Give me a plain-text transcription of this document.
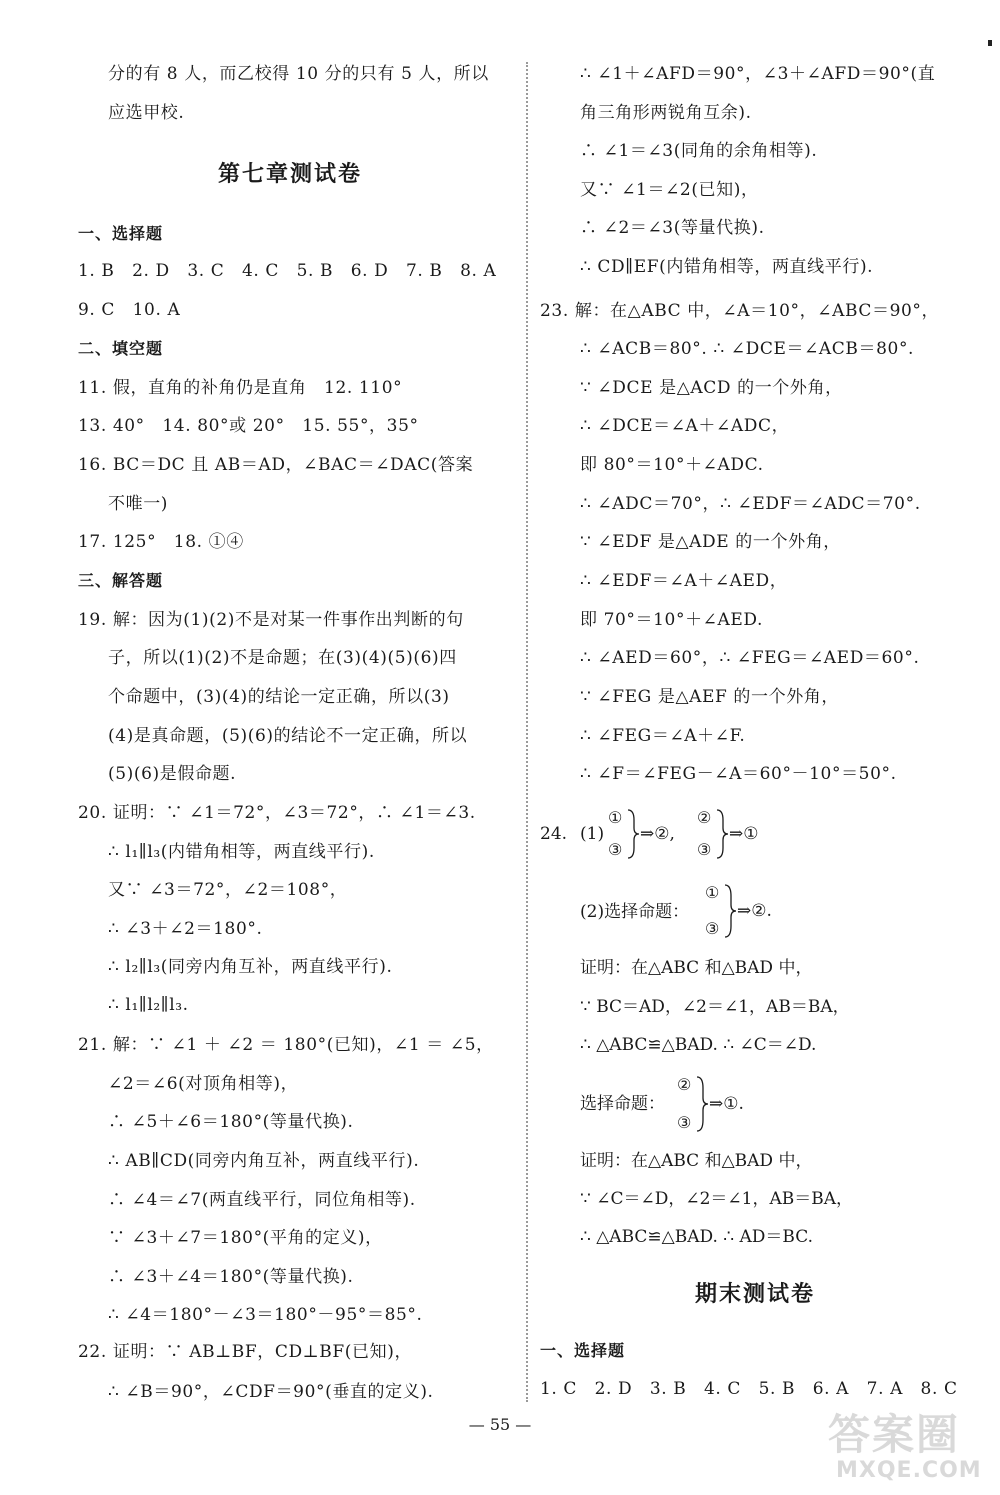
分的有 8 人，而乙校得 10 分的只有 5 人，所以
应选甲校.
第七章测试卷
一、选择题
1. B　2. D　3. C　4. C　5. B　6. D　7. B　8. A
9. C　10. A
二、填空题
11. 假，直角的补角仍是直角　12. 110°
13. 40°　14. 80°或 20°　15. 55°，35°
16. BC＝DC 且 AB＝AD，∠BAC＝∠DAC(答案
不唯一)
17. 125°　18. ①④
三、解答题
19. 解：因为(1)(2)不是对某一件事作出判断的句
子，所以(1)(2)不是命题；在(3)(4)(5)(6)四
个命题中，(3)(4)的结论一定正确，所以(3)
(4)是真命题，(5)(6)的结论不一定正确，所以
(5)(6)是假命题.
20. 证明：∵ ∠1＝72°，∠3＝72°，∴ ∠1＝∠3.
∴ l₁∥l₃(内错角相等，两直线平行).
又∵ ∠3＝72°，∠2＝108°，
∴ ∠3＋∠2＝180°.
∴ l₂∥l₃(同旁内角互补，两直线平行).
∴ l₁∥l₂∥l₃.
21. 解：∵ ∠1 ＋ ∠2 ＝ 180°(已知)，∠1 ＝ ∠5，
∠2＝∠6(对顶角相等)，
∴ ∠5＋∠6＝180°(等量代换).
∴ AB∥CD(同旁内角互补，两直线平行).
∴ ∠4＝∠7(两直线平行，同位角相等).
∵ ∠3＋∠7＝180°(平角的定义)，
∴ ∠3＋∠4＝180°(等量代换).
∴ ∠4＝180°－∠3＝180°－95°＝85°.
22. 证明：∵ AB⊥BF，CD⊥BF(已知)，
∴ ∠B＝90°，∠CDF＝90°(垂直的定义).
∴ ∠1＋∠AFD＝90°，∠3＋∠AFD＝90°(直
角三角形两锐角互余).
∴ ∠1＝∠3(同角的余角相等).
又∵ ∠1＝∠2(已知)，
∴ ∠2＝∠3(等量代换).
∴ CD∥EF(内错角相等，两直线平行).
23. 解：在△ABC 中，∠A＝10°，∠ABC＝90°，
∴ ∠ACB＝80°. ∴ ∠DCE＝∠ACB＝80°.
∵ ∠DCE 是△ACD 的一个外角，
∴ ∠DCE＝∠A＋∠ADC，
即 80°＝10°＋∠ADC.
∴ ∠ADC＝70°，∴ ∠EDF＝∠ADC＝70°.
∵ ∠EDF 是△ADE 的一个外角，
∴ ∠EDF＝∠A＋∠AED，
即 70°＝10°＋∠AED.
∴ ∠AED＝60°，∴ ∠FEG＝∠AED＝60°.
∵ ∠FEG 是△AEF 的一个外角，
∴ ∠FEG＝∠A＋∠F.
∴ ∠F＝∠FEG－∠A＝60°－10°＝50°.
24. (1)
①
③
⇒②,
②
③
⇒①
(2)选择命题：
①
③
⇒②.
证明：在△ABC 和△BAD 中，
∵ BC＝AD，∠2＝∠1，AB＝BA，
∴ △ABC≌△BAD. ∴ ∠C＝∠D.
选择命题：
②
③
⇒①.
证明：在△ABC 和△BAD 中，
∵ ∠C＝∠D，∠2＝∠1，AB＝BA，
∴ △ABC≌△BAD. ∴ AD＝BC.
期末测试卷
一、选择题
1. C　2. D　3. B　4. C　5. B　6. A　7. A　8. C
— 55 —	答案圈
MXQE.COM
